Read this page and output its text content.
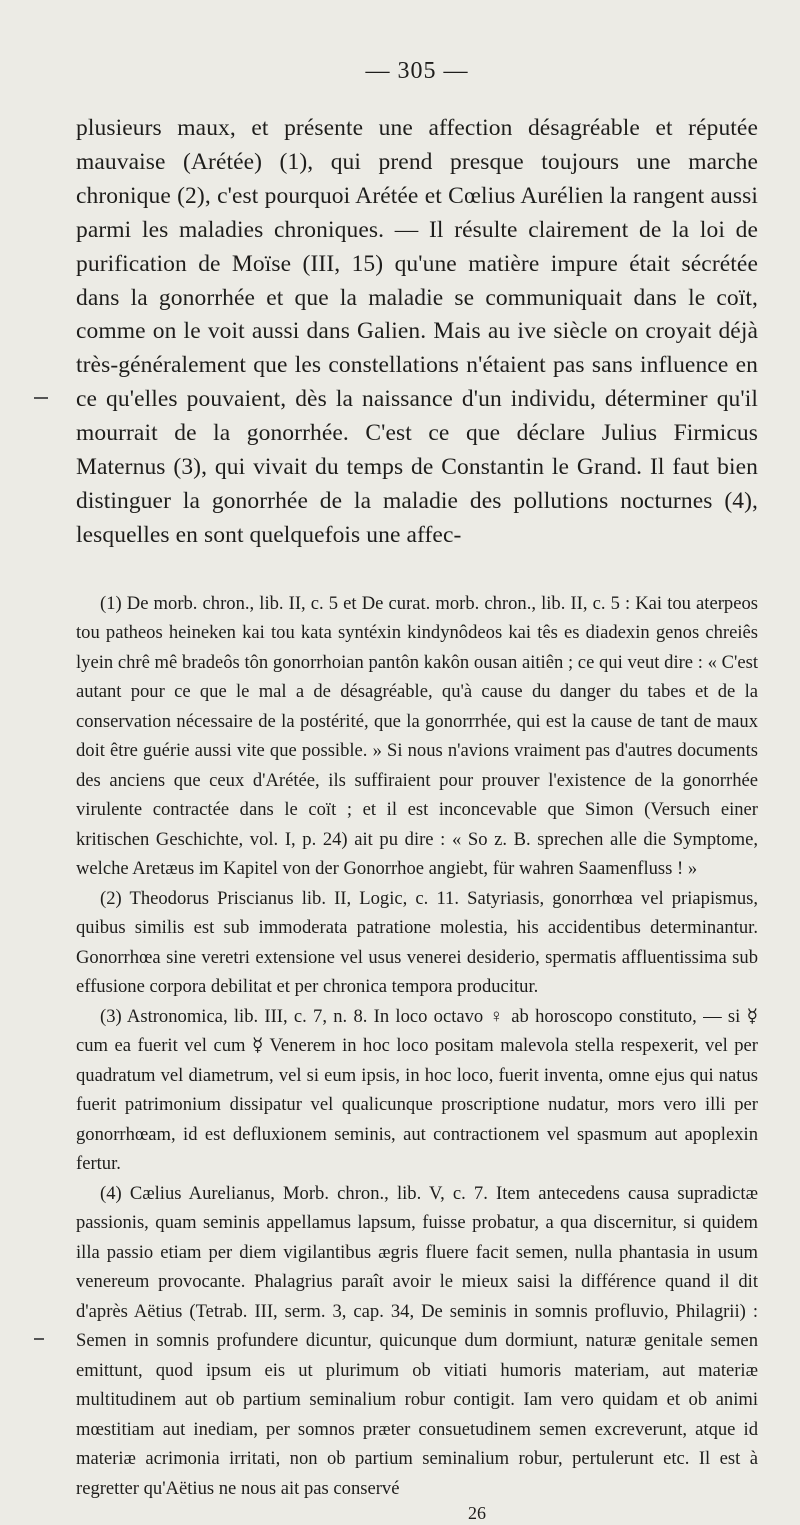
— 305 —

plusieurs maux, et présente une affection désagréable et réputée mauvaise (Arétée) (1), qui prend presque toujours une marche chronique (2), c'est pourquoi Arétée et Cœlius Aurélien la rangent aussi parmi les maladies chroniques. — Il résulte clairement de la loi de purification de Moïse (III, 15) qu'une matière impure était sécrétée dans la gonorrhée et que la maladie se communiquait dans le coït, comme on le voit aussi dans Galien. Mais au ive siècle on croyait déjà très-généralement que les constellations n'étaient pas sans influence en ce qu'elles pouvaient, dès la naissance d'un individu, déterminer qu'il mourrait de la gonorrhée. C'est ce que déclare Julius Firmicus Maternus (3), qui vivait du temps de Constantin le Grand. Il faut bien distinguer la gonorrhée de la maladie des pollutions nocturnes (4), lesquelles en sont quelquefois une affec-

(1) De morb. chron., lib. II, c. 5 et De curat. morb. chron., lib. II, c. 5 : Kai tou aterpeos tou patheos heineken kai tou kata syntéxin kindynôdeos kai tês es diadexin genos chreiês lyein chrê mê bradeôs tôn gonorrhoian pantôn kakôn ousan aitiên ; ce qui veut dire : « C'est autant pour ce que le mal a de désagréable, qu'à cause du danger du tabes et de la conservation nécessaire de la postérité, que la gonorrrhée, qui est la cause de tant de maux doit être guérie aussi vite que possible. » Si nous n'avions vraiment pas d'autres documents des anciens que ceux d'Arétée, ils suffiraient pour prouver l'existence de la gonorrhée virulente contractée dans le coït ; et il est inconcevable que Simon (Versuch einer kritischen Geschichte, vol. I, p. 24) ait pu dire : « So z. B. sprechen alle die Symptome, welche Aretæus im Kapitel von der Gonorrhoe angiebt, für wahren Saamenfluss ! »

(2) Theodorus Priscianus lib. II, Logic, c. 11. Satyriasis, gonorrhœa vel priapismus, quibus similis est sub immoderata patratione molestia, his accidentibus determinantur. Gonorrhœa sine veretri extensione vel usus venerei desiderio, spermatis affluentissima sub effusione corpora debilitat et per chronica tempora producitur.

(3) Astronomica, lib. III, c. 7, n. 8. In loco octavo ♀ ab horoscopo constituto, — si ☿ cum ea fuerit vel cum ☿ Venerem in hoc loco positam malevola stella respexerit, vel per quadratum vel diametrum, vel si eum ipsis, in hoc loco, fuerit inventa, omne ejus qui natus fuerit patrimonium dissipatur vel qualicunque proscriptione nudatur, mors vero illi per gonorrhœam, id est defluxionem seminis, aut contractionem vel spasmum aut apoplexin fertur.

(4) Cælius Aurelianus, Morb. chron., lib. V, c. 7. Item antecedens causa supradictæ passionis, quam seminis appellamus lapsum, fuisse probatur, a qua discernitur, si quidem illa passio etiam per diem vigilantibus ægris fluere facit semen, nulla phantasia in usum venereum provocante. Phalagrius paraît avoir le mieux saisi la différence quand il dit d'après Aëtius (Tetrab. III, serm. 3, cap. 34, De seminis in somnis profluvio, Philagrii) : Semen in somnis profundere dicuntur, quicunque dum dormiunt, naturæ genitale semen emittunt, quod ipsum eis ut plurimum ob vitiati humoris materiam, aut materiæ multitudinem aut ob partium seminalium robur contigit. Iam vero quidam et ob animi mœstitiam aut inediam, per somnos præter consuetudinem semen excreverunt, atque id materiæ acrimonia irritati, non ob partium seminalium robur, pertulerunt etc. Il est à regretter qu'Aëtius ne nous ait pas conservé

26
